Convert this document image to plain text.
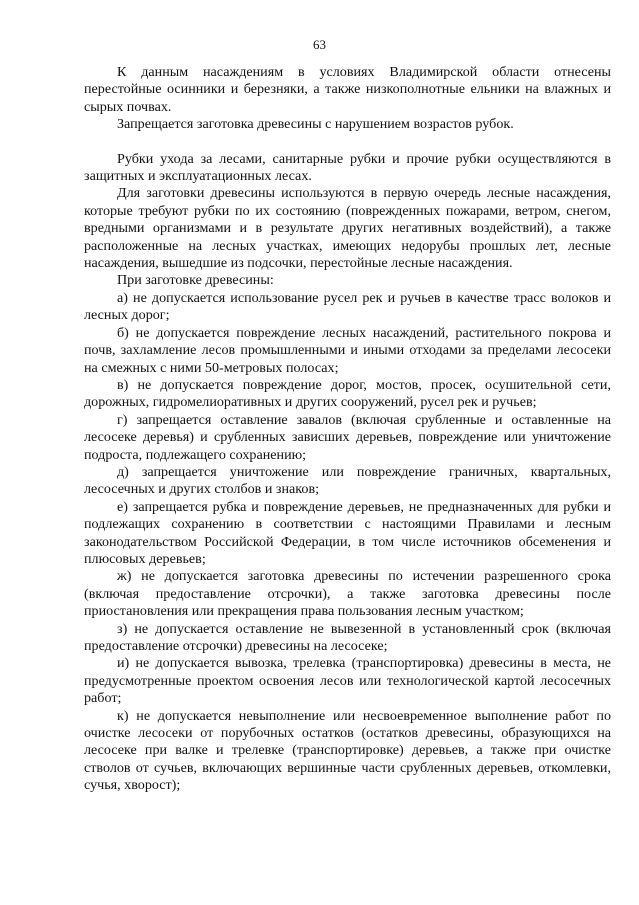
63

К данным насаждениям в условиях Владимирской области отнесены перестойные осинники и березняки, а также низкополнотные ельники на влажных и сырых почвах.

Запрещается заготовка древесины с нарушением возрастов рубок.

Рубки ухода за лесами, санитарные рубки и прочие рубки осуществляются в защитных и эксплуатационных лесах.

Для заготовки древесины используются в первую очередь лесные насаждения, которые требуют рубки по их состоянию (поврежденных пожарами, ветром, снегом, вредными организмами и в результате других негативных воздействий), а также расположенные на лесных участках, имеющих недорубы прошлых лет, лесные насаждения, вышедшие из подсочки, перестойные лесные насаждения.

При заготовке древесины:

а) не допускается использование русел рек и ручьев в качестве трасс волоков и лесных дорог;

б) не допускается повреждение лесных насаждений, растительного покрова и почв, захламление лесов промышленными и иными отходами за пределами лесосеки на смежных с ними 50-метровых полосах;

в) не допускается повреждение дорог, мостов, просек, осушительной сети, дорожных, гидромелиоративных и других сооружений, русел рек и ручьев;

г) запрещается оставление завалов (включая срубленные и оставленные на лесосеке деревья) и срубленных зависших деревьев, повреждение или уничтожение подроста, подлежащего сохранению;

д) запрещается уничтожение или повреждение граничных, квартальных, лесосечных и других столбов и знаков;

е) запрещается рубка и повреждение деревьев, не предназначенных для рубки и подлежащих сохранению в соответствии с настоящими Правилами и лесным законодательством Российской Федерации, в том числе источников обсеменения и плюсовых деревьев;

ж) не допускается заготовка древесины по истечении разрешенного срока (включая предоставление отсрочки), а также заготовка древесины после приостановления или прекращения права пользования лесным участком;

з) не допускается оставление не вывезенной в установленный срок (включая предоставление отсрочки) древесины на лесосеке;

и) не допускается вывозка, трелевка (транспортировка) древесины в места, не предусмотренные проектом освоения лесов или технологической картой лесосечных работ;

к) не допускается невыполнение или несвоевременное выполнение работ по очистке лесосеки от порубочных остатков (остатков древесины, образующихся на лесосеке при валке и трелевке (транспортировке) деревьев, а также при очистке стволов от сучьев, включающих вершинные части срубленных деревьев, откомлевки, сучья, хворост);
